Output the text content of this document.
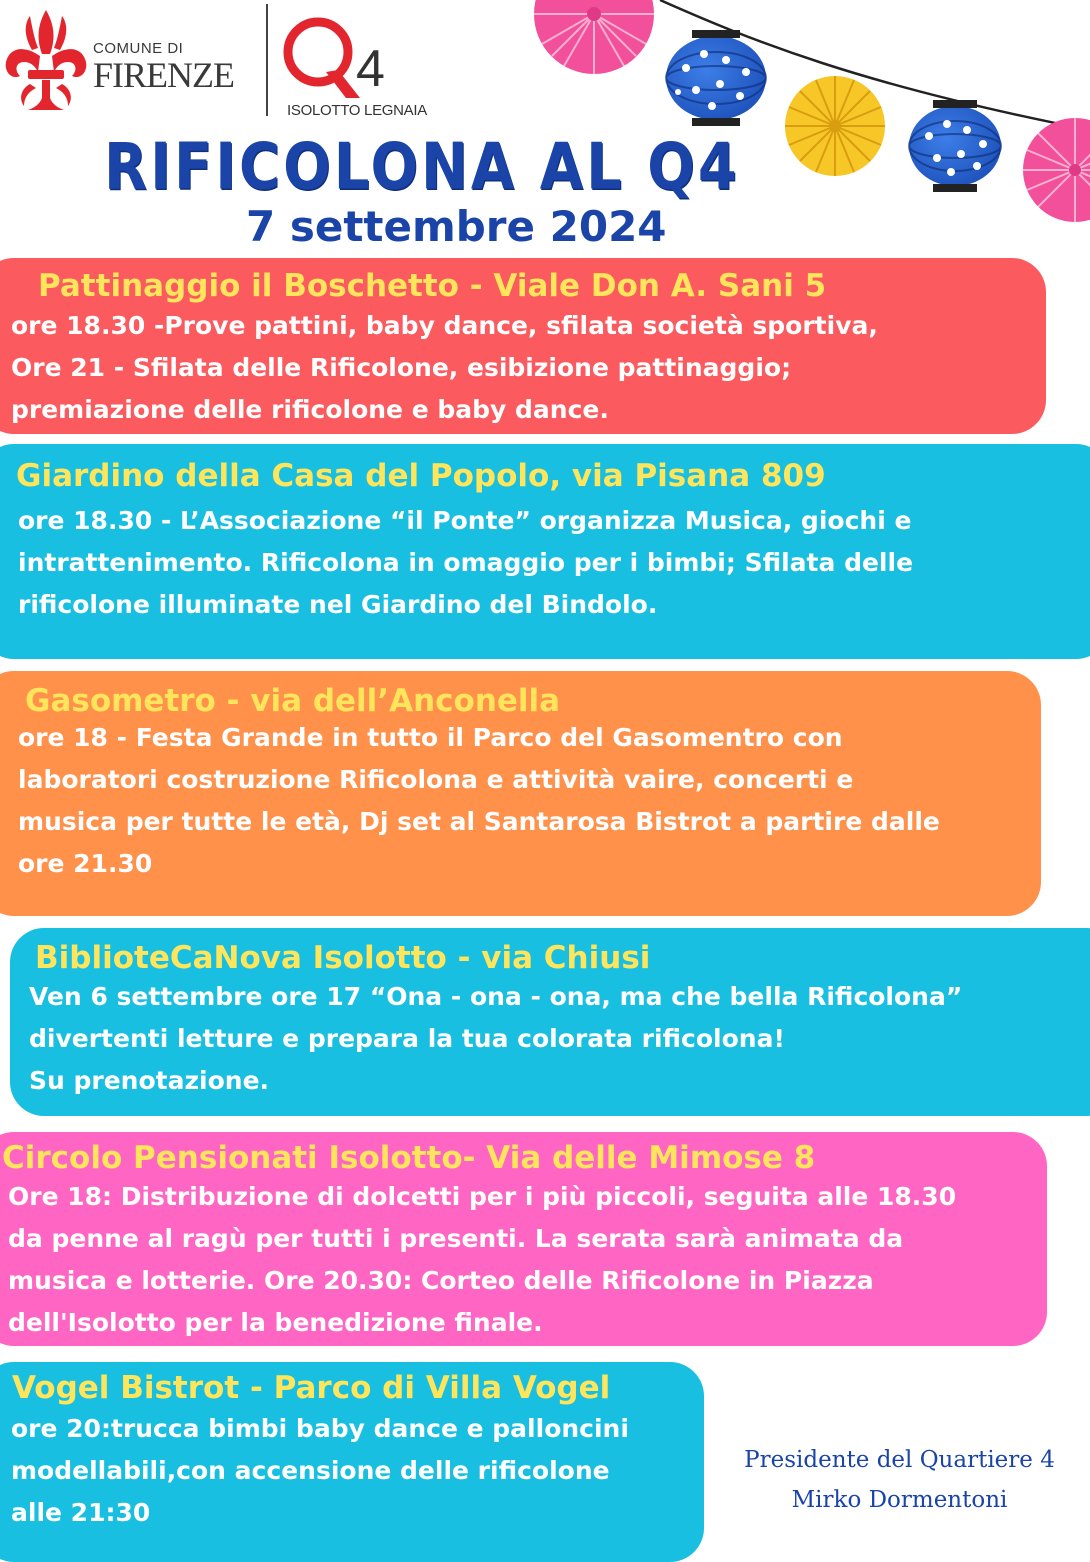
COMUNE DI
FIRENZE 4
ISOLOTTO LEGNAIA
RIFICOLONA AL Q4
7 settembre 2024
Pattinaggio il Boschetto - Viale Don A. Sani 5
ore 18.30 -Prove pattini, baby dance, sfilata società sportiva,
Ore 21 - Sfilata delle Rificolone, esibizione pattinaggio;
premiazione delle rificolone e baby dance.
Giardino della Casa del Popolo, via Pisana 809
ore 18.30 - L’Associazione “il Ponte” organizza Musica, giochi e
intrattenimento. Rificolona in omaggio per i bimbi; Sfilata delle
rificolone illuminate nel Giardino del Bindolo.
Gasometro - via dell’Anconella
ore 18 - Festa Grande in tutto il Parco del Gasomentro con
laboratori costruzione Rificolona e attività vaire, concerti e
musica per tutte le età, Dj set al Santarosa Bistrot a partire dalle
ore 21.30
BiblioteCaNova Isolotto - via Chiusi
Ven 6 settembre ore 17 “Ona - ona - ona, ma che bella Rificolona”
divertenti letture e prepara la tua colorata rificolona!
Su prenotazione.
Circolo Pensionati Isolotto- Via delle Mimose 8
Ore 18: Distribuzione di dolcetti per i più piccoli, seguita alle 18.30
da penne al ragù per tutti i presenti. La serata sarà animata da
musica e lotterie. Ore 20.30: Corteo delle Rificolone in Piazza
dell'Isolotto per la benedizione finale.
Vogel Bistrot - Parco di Villa Vogel
ore 20:trucca bimbi baby dance e palloncini
modellabili,con accensione delle rificolone
alle 21:30
Presidente del Quartiere 4
Mirko Dormentoni
